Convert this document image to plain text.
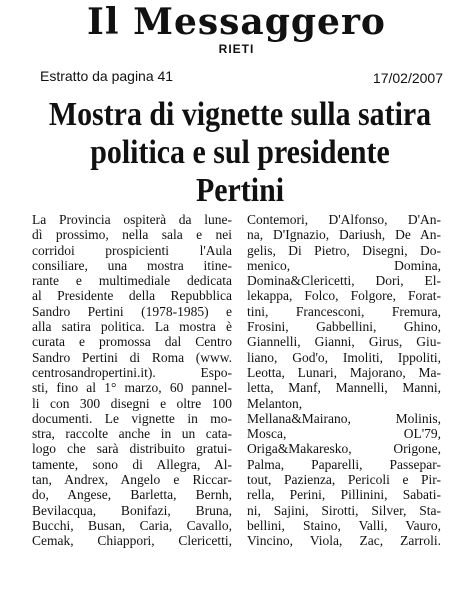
Il Messaggero
RIETI
Estratto da pagina 41	17/02/2007
Mostra di vignette sulla satira
politica e sul presidente Pertini

La Provincia ospiterà da lune-

dì prossimo, nella sala e nei

corridoi prospicienti l'Aula

consiliare, una mostra itine-

rante e multimediale dedicata

al Presidente della Repubblica

Sandro Pertini (1978-1985) e

alla satira politica. La mostra è

curata e promossa dal Centro

Sandro Pertini di Roma (www.

centrosandropertini.it). Espo-

sti, fino al 1° marzo, 60 pannel-

li con 300 disegni e oltre 100

documenti. Le vignette in mo-

stra, raccolte anche in un cata-

logo che sarà distribuito gratui-

tamente, sono di Allegra, Al-

tan, Andrex, Angelo e Riccar-

do, Angese, Barletta, Bernh,

Bevilacqua, Bonifazi, Bruna,

Bucchi, Busan, Caria, Cavallo,

Cemak, Chiappori, Clericetti,

Contemori, D'Alfonso, D'An-

na, D'Ignazio, Dariush, De An-

gelis, Di Pietro, Disegni, Do-

menico, Domina,

Domina&Clericetti, Dori, El-

lekappa, Folco, Folgore, Forat-

tini, Francesconi, Fremura,

Frosini, Gabbellini, Ghino,

Giannelli, Gianni, Girus, Giu-

liano, God'o, Imoliti, Ippoliti,

Leotta, Lunari, Majorano, Ma-

letta, Manf, Mannelli, Manni,

Melanton,

Mellana&Mairano, Molinis,

Mosca, OL'79,

Origa&Makaresko, Origone,

Palma, Paparelli, Passepar-

tout, Pazienza, Pericoli e Pir-

rella, Perini, Pillinini, Sabati-

ni, Sajini, Sirotti, Silver, Sta-

bellini, Staino, Valli, Vauro,

Vincino, Viola, Zac, Zarroli.
